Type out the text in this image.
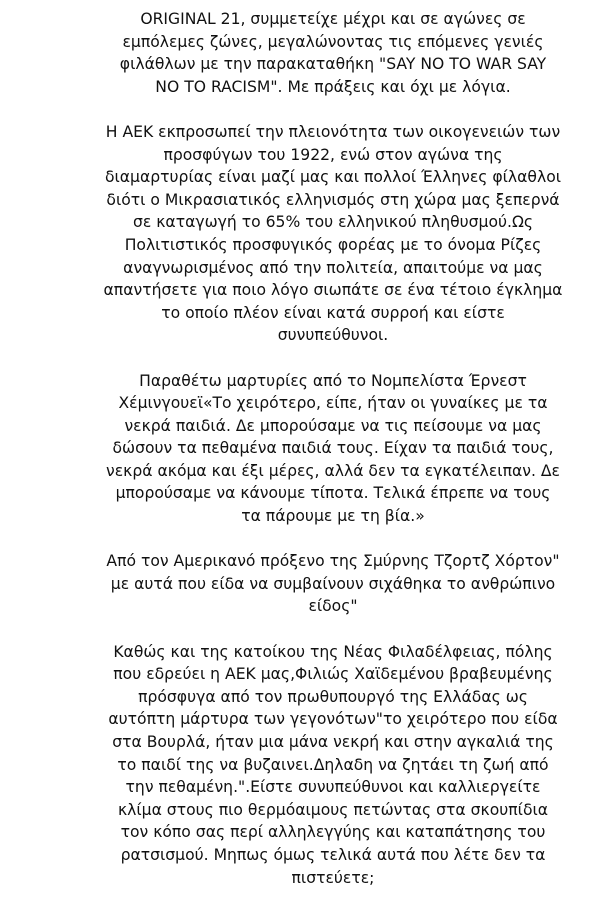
ORIGINAL 21, συμμετείχε μέχρι και σε αγώνες σε
εμπόλεμες ζώνες, μεγαλώνοντας τις επόμενες γενιές
φιλάθλων με την παρακαταθήκη "SAY NO TO WAR SAY
NO TO RACISM". Με πράξεις και όχι με λόγια.
Η ΑΕΚ εκπροσωπεί την πλειονότητα των οικογενειών των
προσφύγων του 1922, ενώ στον αγώνα της
διαμαρτυρίας είναι μαζί μας και πολλοί Έλληνες φίλαθλοι
διότι ο Μικρασιατικός ελληνισμός στη χώρα μας ξεπερνά
σε καταγωγή το 65% του ελληνικού πληθυσμού.Ως
Πολιτιστικός προσφυγικός φορέας με το όνομα Ρίζες
αναγνωρισμένος από την πολιτεία, απαιτούμε να μας
απαντήσετε για ποιο λόγο σιωπάτε σε ένα τέτοιο έγκλημα
το οποίο πλέον είναι κατά συρροή και είστε
συνυπεύθυνοι.
Παραθέτω μαρτυρίες από το Νομπελίστα Έρνεστ
Χέμινγουεϊ«Το χειρότερο, είπε, ήταν οι γυναίκες με τα
νεκρά παιδιά. Δε μπορούσαμε να τις πείσουμε να μας
δώσουν τα πεθαμένα παιδιά τους. Είχαν τα παιδιά τους,
νεκρά ακόμα και έξι μέρες, αλλά δεν τα εγκατέλειπαν. Δε
μπορούσαμε να κάνουμε τίποτα. Τελικά έπρεπε να τους
τα πάρουμε με τη βία.»
Από τον Αμερικανό πρόξενο της Σμύρνης Τζορτζ Χόρτον"
με αυτά που είδα να συμβαίνουν σιχάθηκα το ανθρώπινο
είδος"
Καθώς και της κατοίκου της Νέας Φιλαδέλφειας, πόλης
που εδρεύει η ΑΕΚ μας,Φιλιώς Χαϊδεμένου βραβευμένης
πρόσφυγα από τον πρωθυπουργό της Ελλάδας ως
αυτόπτη μάρτυρα των γεγονότων"το χειρότερο που είδα
στα Βουρλά, ήταν μια μάνα νεκρή και στην αγκαλιά της
το παιδί της να βυζαινει.Δηλαδη να ζητάει τη ζωή από
την πεθαμένη.".Είστε συνυπεύθυνοι και καλλιεργείτε
κλίμα στους πιο θερμόαιμους πετώντας στα σκουπίδια
τον κόπο σας περί αλληλεγγύης και καταπάτησης του
ρατσισμού. Μηπως όμως τελικά αυτά που λέτε δεν τα
πιστεύετε;
